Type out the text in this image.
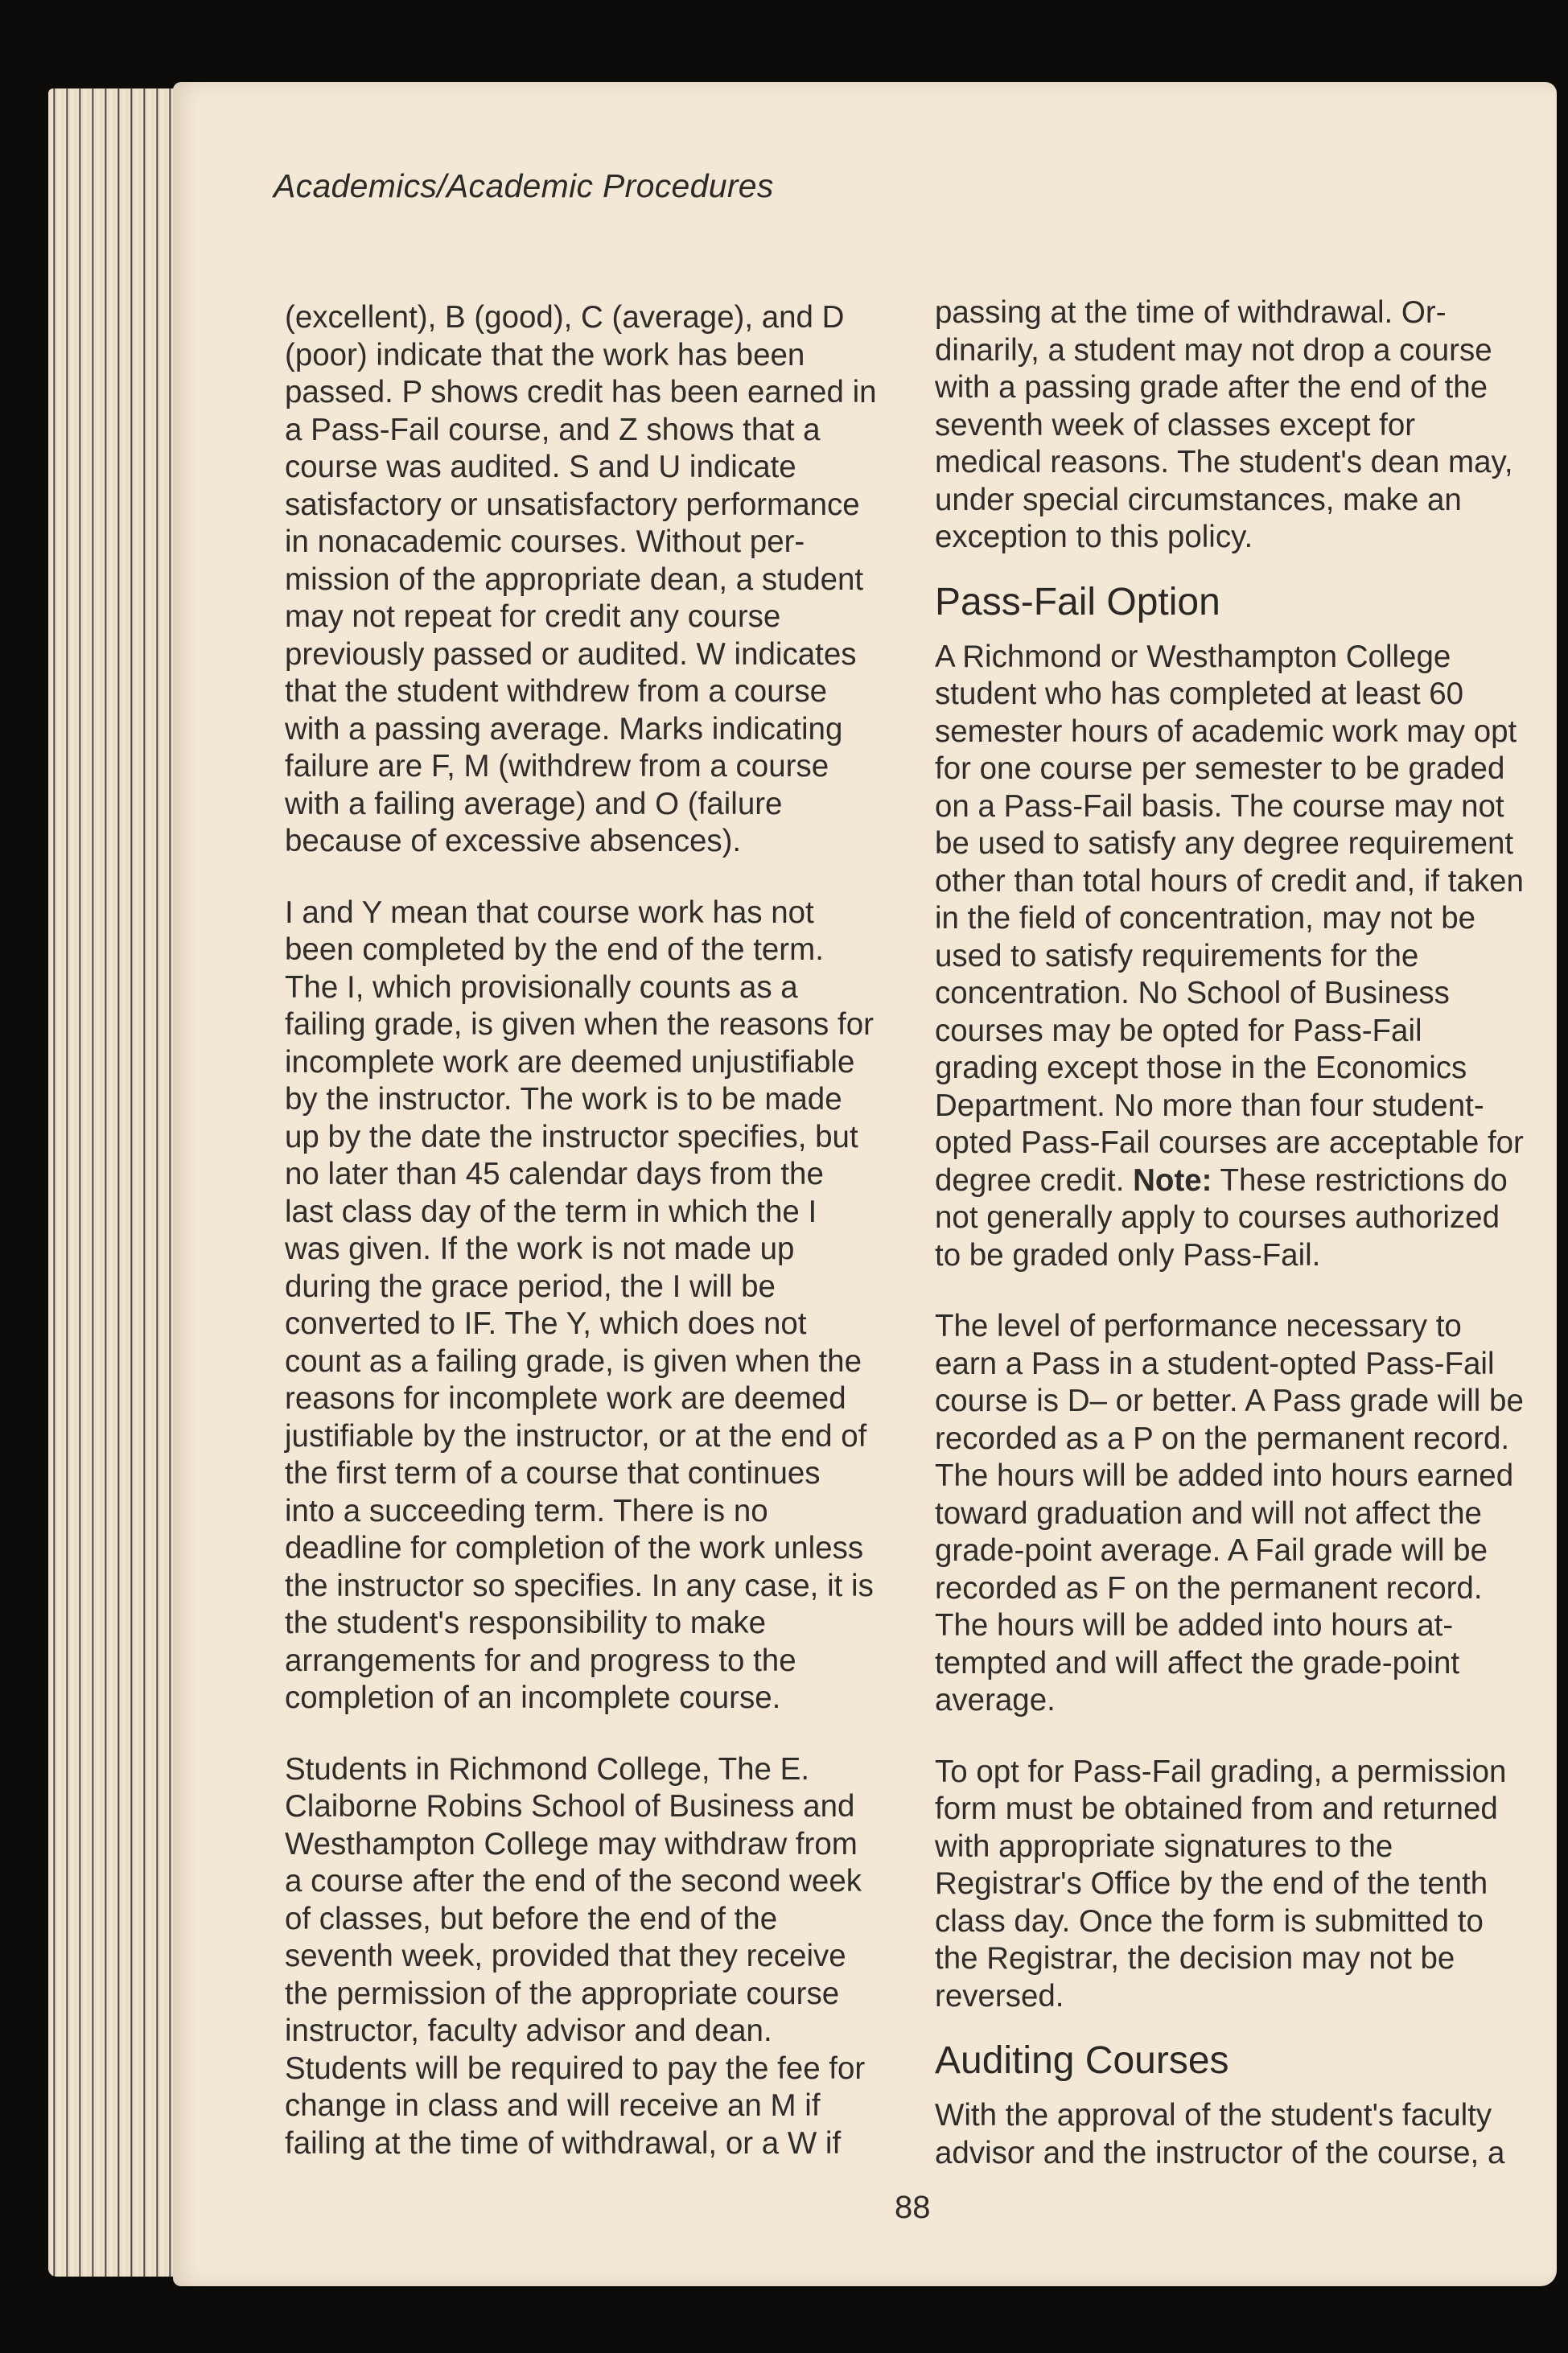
Academics/Academic Procedures
(excellent), B (good), C (average), and D
(poor) indicate that the work has been
passed. P shows credit has been earned in
a Pass-Fail course, and Z shows that a
course was audited. S and U indicate
satisfactory or unsatisfactory performance
in nonacademic courses. Without per-
mission of the appropriate dean, a student
may not repeat for credit any course
previously passed or audited. W indicates
that the student withdrew from a course
with a passing average. Marks indicating
failure are F, M (withdrew from a course
with a failing average) and O (failure
because of excessive absences).
I and Y mean that course work has not
been completed by the end of the term.
The I, which provisionally counts as a
failing grade, is given when the reasons for
incomplete work are deemed unjustifiable
by the instructor. The work is to be made
up by the date the instructor specifies, but
no later than 45 calendar days from the
last class day of the term in which the I
was given. If the work is not made up
during the grace period, the I will be
converted to IF. The Y, which does not
count as a failing grade, is given when the
reasons for incomplete work are deemed
justifiable by the instructor, or at the end of
the first term of a course that continues
into a succeeding term. There is no
deadline for completion of the work unless
the instructor so specifies. In any case, it is
the student's responsibility to make
arrangements for and progress to the
completion of an incomplete course.
Students in Richmond College, The E.
Claiborne Robins School of Business and
Westhampton College may withdraw from
a course after the end of the second week
of classes, but before the end of the
seventh week, provided that they receive
the permission of the appropriate course
instructor, faculty advisor and dean.
Students will be required to pay the fee for
change in class and will receive an M if
failing at the time of withdrawal, or a W if
passing at the time of withdrawal. Or-
dinarily, a student may not drop a course
with a passing grade after the end of the
seventh week of classes except for
medical reasons. The student's dean may,
under special circumstances, make an
exception to this policy.
Pass-Fail Option
A Richmond or Westhampton College
student who has completed at least 60
semester hours of academic work may opt
for one course per semester to be graded
on a Pass-Fail basis. The course may not
be used to satisfy any degree requirement
other than total hours of credit and, if taken
in the field of concentration, may not be
used to satisfy requirements for the
concentration. No School of Business
courses may be opted for Pass-Fail
grading except those in the Economics
Department. No more than four student-
opted Pass-Fail courses are acceptable for
degree credit. Note: These restrictions do
not generally apply to courses authorized
to be graded only Pass-Fail.
The level of performance necessary to
earn a Pass in a student-opted Pass-Fail
course is D– or better. A Pass grade will be
recorded as a P on the permanent record.
The hours will be added into hours earned
toward graduation and will not affect the
grade-point average. A Fail grade will be
recorded as F on the permanent record.
The hours will be added into hours at-
tempted and will affect the grade-point
average.
To opt for Pass-Fail grading, a permission
form must be obtained from and returned
with appropriate signatures to the
Registrar's Office by the end of the tenth
class day. Once the form is submitted to
the Registrar, the decision may not be
reversed.
Auditing Courses
With the approval of the student's faculty
advisor and the instructor of the course, a
88
